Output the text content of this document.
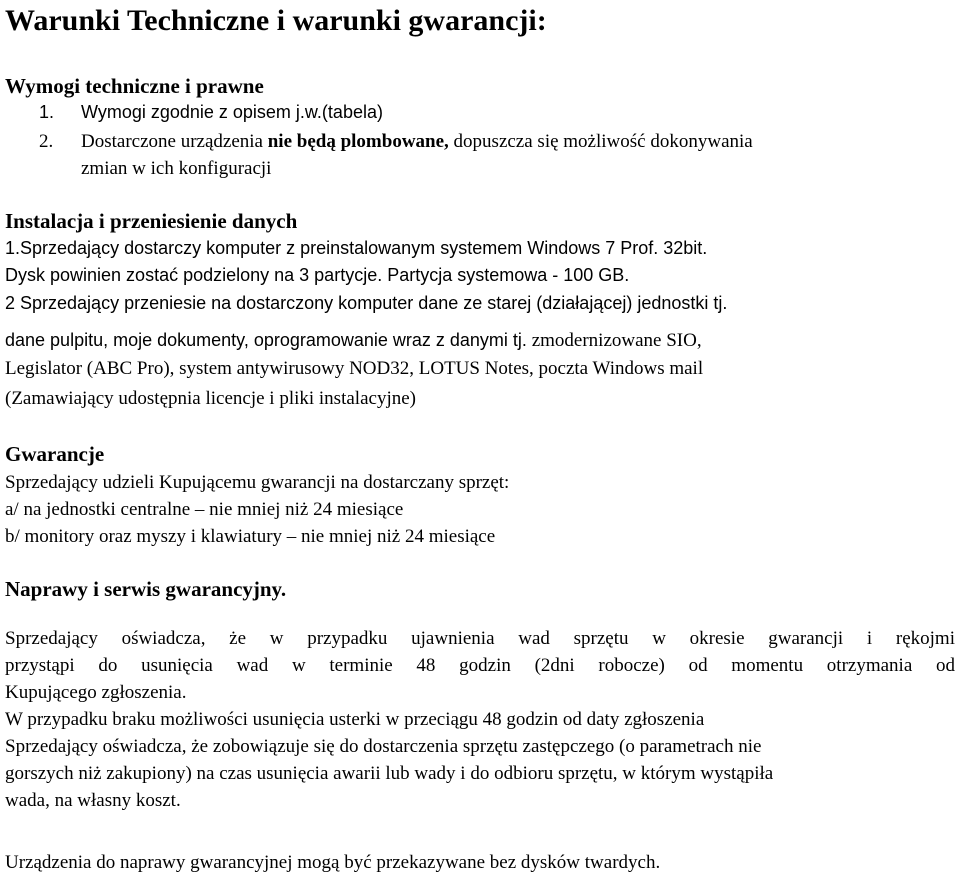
Warunki Techniczne i warunki gwarancji:
Wymogi techniczne i prawne
1. Wymogi zgodnie z opisem j.w.(tabela)
2. Dostarczone urządzenia nie będą plombowane, dopuszcza się możliwość dokonywania
zmian w ich konfiguracji
Instalacja i przeniesienie danych
1.Sprzedający dostarczy komputer z preinstalowanym systemem Windows 7 Prof. 32bit.
Dysk powinien zostać podzielony na 3 partycje. Partycja systemowa - 100 GB.
2 Sprzedający przeniesie na dostarczony komputer dane ze starej (działającej) jednostki tj.
dane pulpitu, moje dokumenty, oprogramowanie wraz z danymi tj. zmodernizowane SIO,
Legislator (ABC Pro), system antywirusowy NOD32, LOTUS Notes, poczta Windows mail
(Zamawiający udostępnia licencje i pliki instalacyjne)
Gwarancje
Sprzedający udzieli Kupującemu gwarancji na dostarczany sprzęt:
a/ na jednostki centralne – nie mniej niż 24 miesiące
b/ monitory oraz myszy i klawiatury – nie mniej niż 24 miesiące
Naprawy i serwis gwarancyjny.
Sprzedający oświadcza, że w przypadku ujawnienia wad sprzętu w okresie gwarancji i rękojmi
przystąpi do usunięcia wad w terminie 48 godzin (2dni robocze) od momentu otrzymania od
Kupującego zgłoszenia.
W przypadku braku możliwości usunięcia usterki w przeciągu 48 godzin od daty zgłoszenia
Sprzedający oświadcza, że zobowiązuje się do dostarczenia sprzętu zastępczego (o parametrach nie
gorszych niż zakupiony) na czas usunięcia awarii lub wady i do odbioru sprzętu, w którym wystąpiła
wada, na własny koszt.
Urządzenia do naprawy gwarancyjnej mogą być przekazywane bez dysków twardych.
